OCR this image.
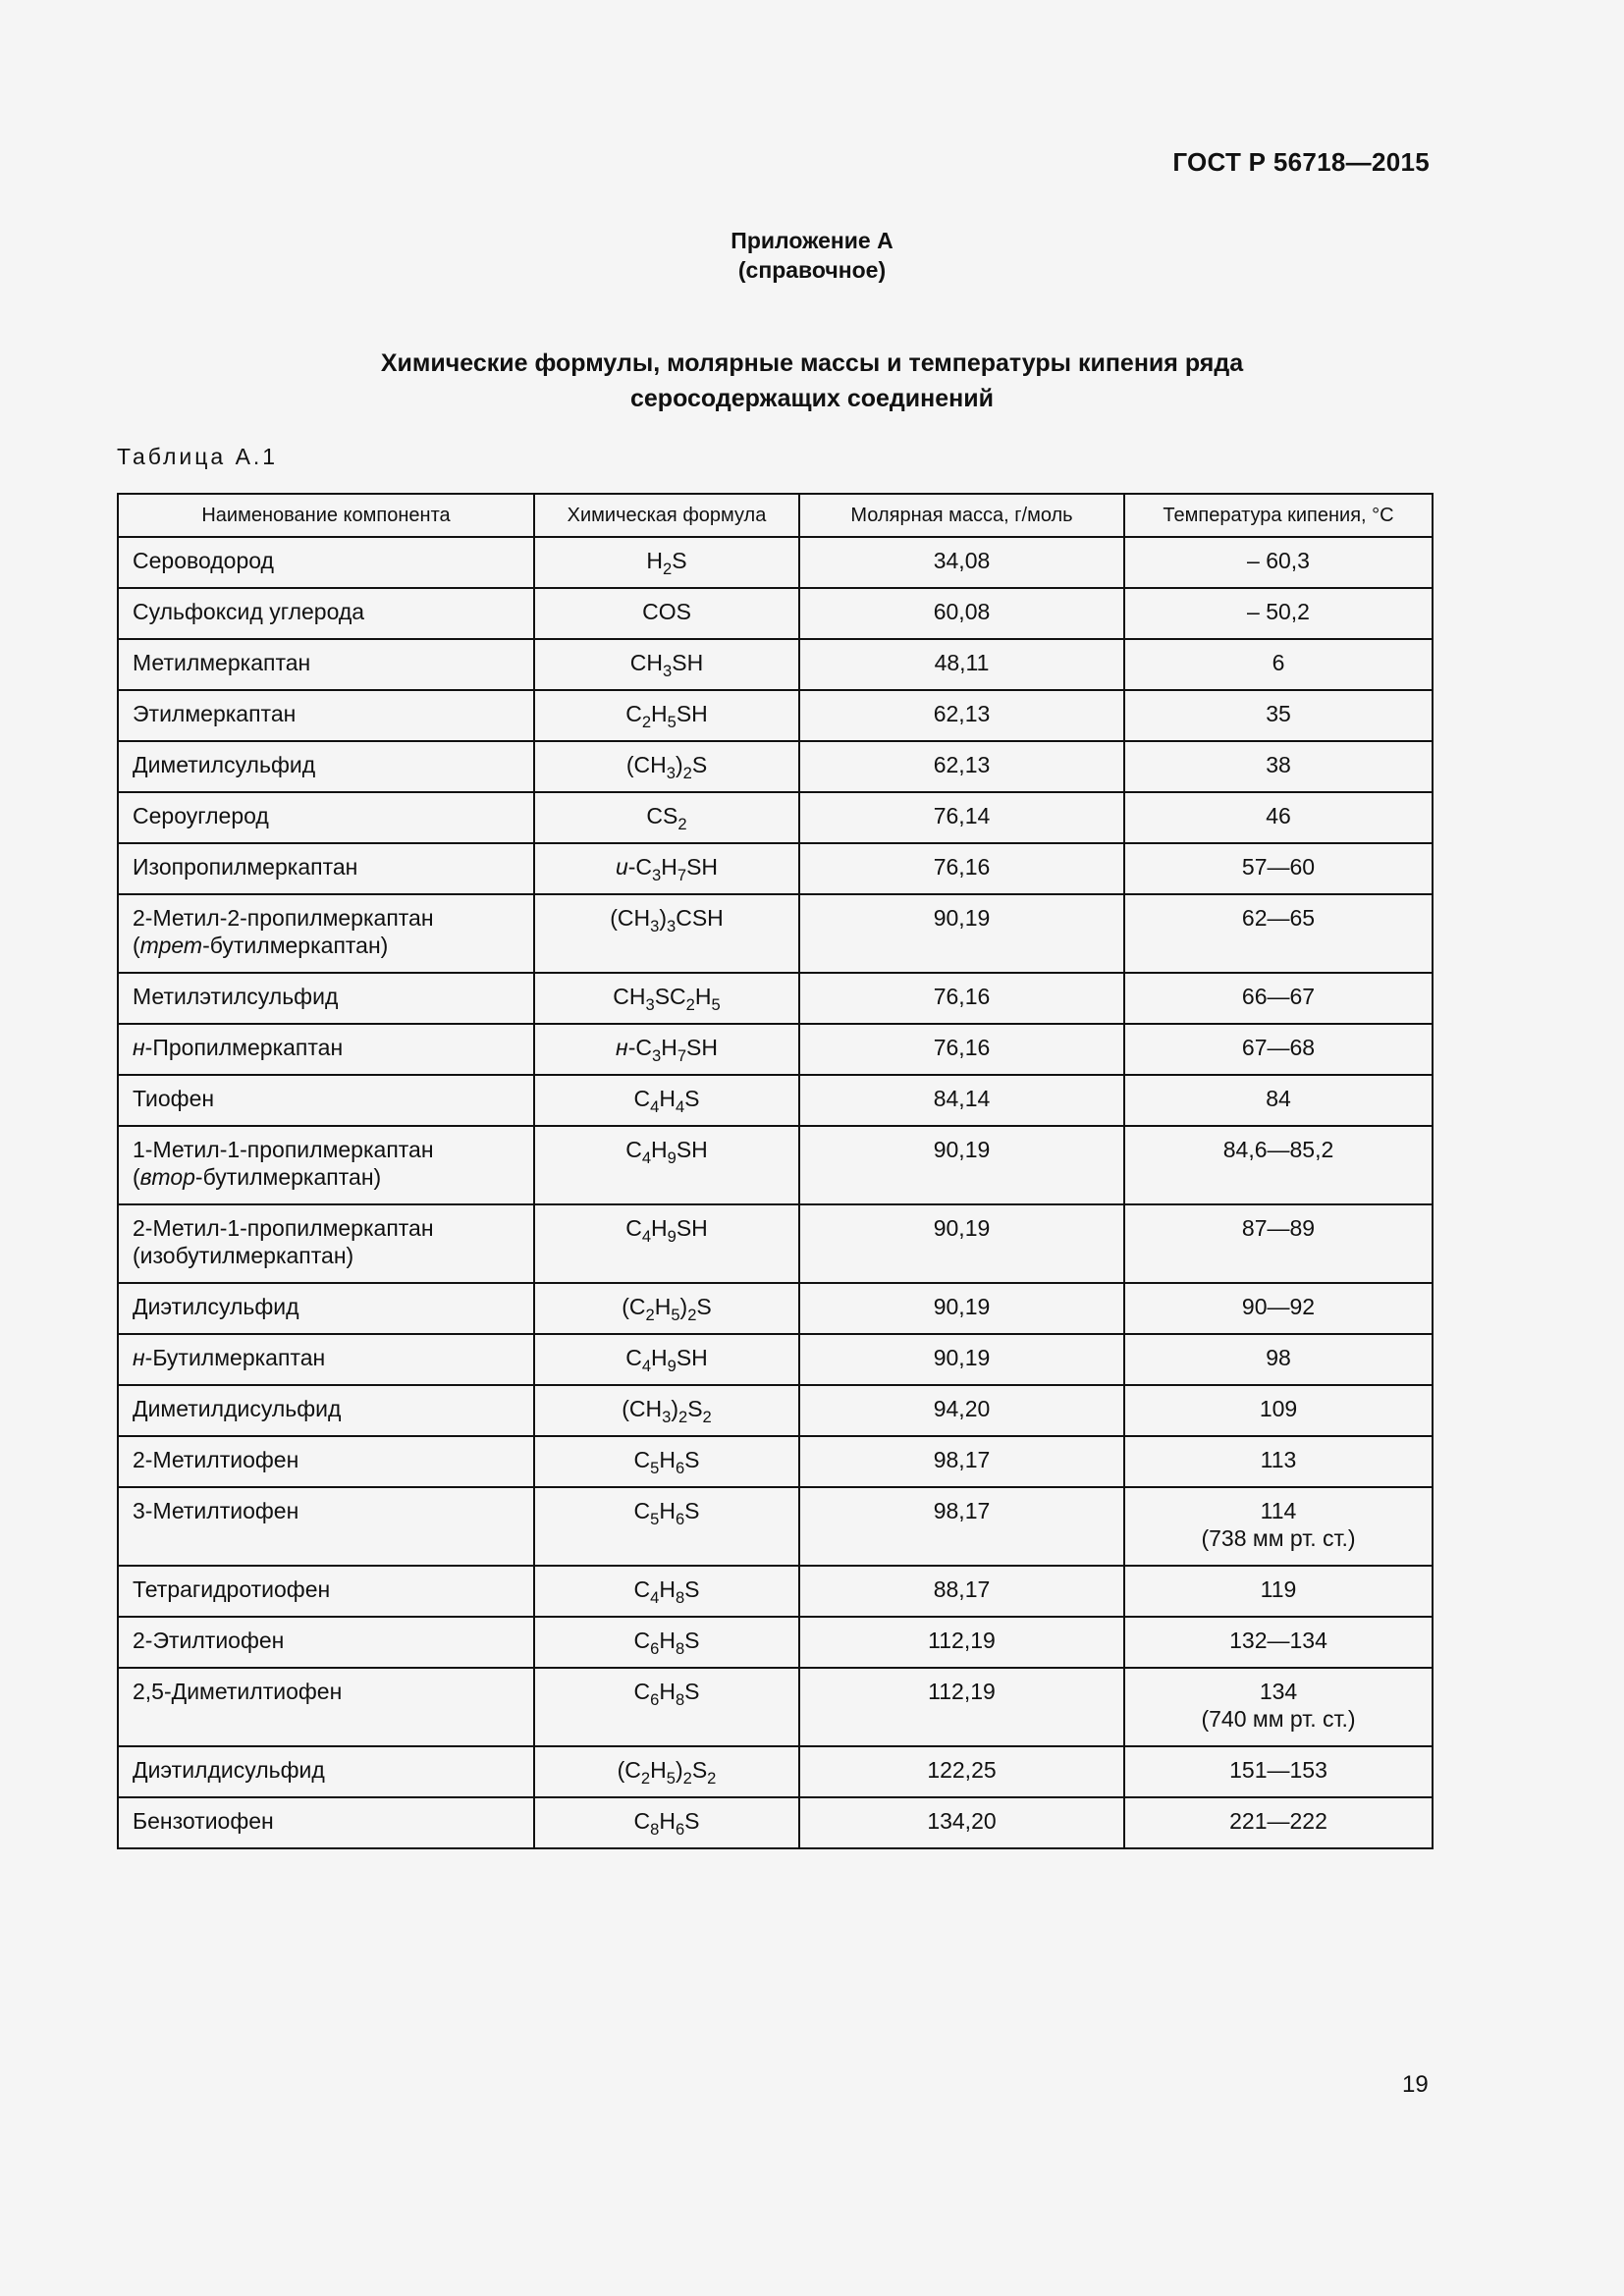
ГОСТ Р 56718—2015
Приложение А
(справочное)
Химические формулы, молярные массы и температуры кипения ряда
серосодержащих соединений
Таблица А.1
Наименование компонента	Химическая формула	Молярная масса, г/моль	Температура кипения, °С
Сероводород	$H_2S$	34,08	– 60,3
Сульфоксид углерода	COS	60,08	– 50,2
Метилмеркаптан	$CH_3SH$	48,11	6
Этилмеркаптан	$C_2H_5SH$	62,13	35
Диметилсульфид	$(CH_3)_2S$	62,13	38
Сероуглерод	$CS_2$	76,14	46
Изопропилмеркаптан	$u-C_3H_7SH$	76,16	57—60
2-Метил-2-пропилмеркаптан
(трет-бутилмеркаптан)	$(CH_3)_3CSH$	90,19	62—65
Метилэтилсульфид	$CH_3SC_2H_5$	76,16	66—67
н-Пропилмеркаптан	$н-C_3H_7SH$	76,16	67—68
Тиофен	$C_4H_4S$	84,14	84
1-Метил-1-пропилмеркаптан
(втор-бутилмеркаптан)	$C_4H_9SH$	90,19	84,6—85,2
2-Метил-1-пропилмеркаптан
(изобутилмеркаптан)	$C_4H_9SH$	90,19	87—89
Диэтилсульфид	$(C_2H_5)_2S$	90,19	90—92
н-Бутилмеркаптан	$C_4H_9SH$	90,19	98
Диметилдисульфид	$(CH_3)_2S_2$	94,20	109
2-Метилтиофен	$C_5H_6S$	98,17	113
3-Метилтиофен	$C_5H_6S$	98,17	114
(738 мм рт. ст.)
Тетрагидротиофен	$C_4H_8S$	88,17	119
2-Этилтиофен	$C_6H_8S$	112,19	132—134
2,5-Диметилтиофен	$C_6H_8S$	112,19	134
(740 мм рт. ст.)
Диэтилдисульфид	$(C_2H_5)_2S_2$	122,25	151—153
Бензотиофен	$C_8H_6S$	134,20	221—222
19
